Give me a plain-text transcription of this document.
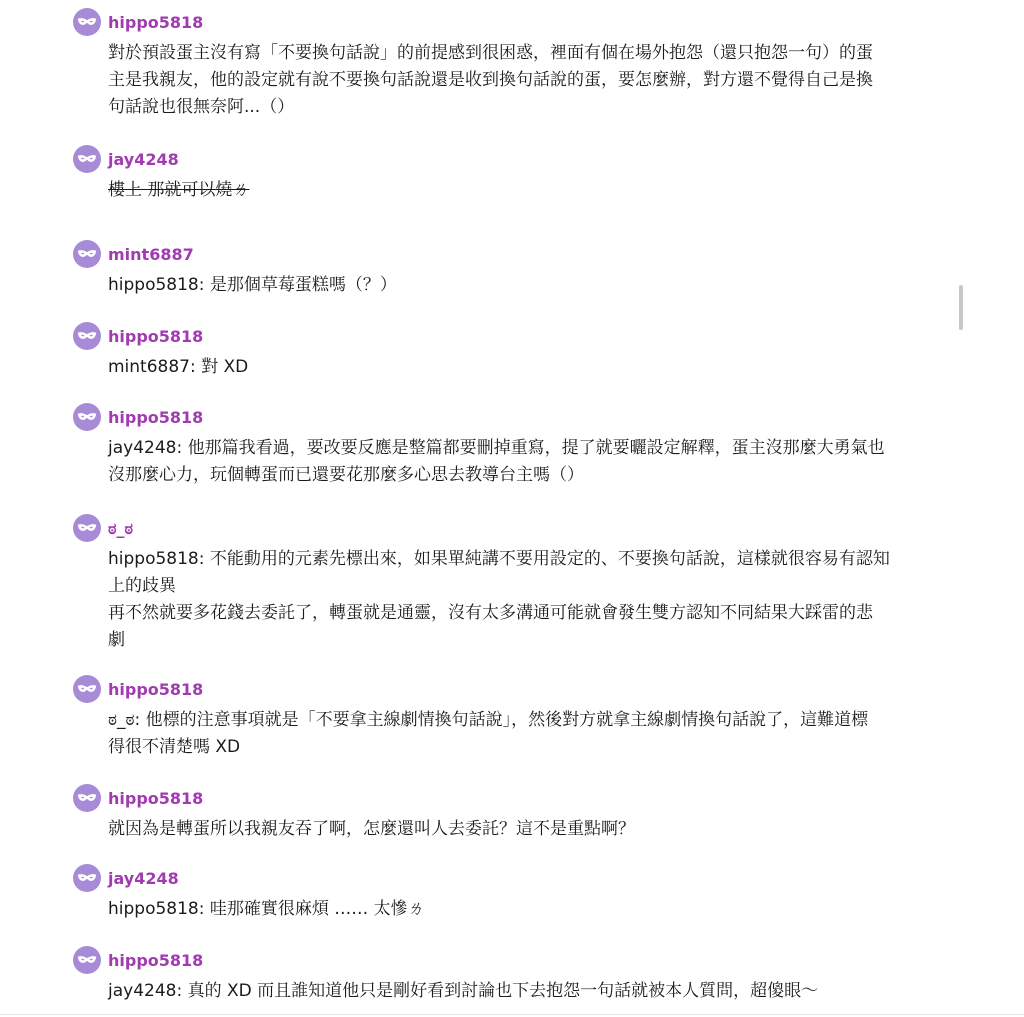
hippo5818
對於預設蛋主沒有寫「不要換句話說」的前提感到很困惑，裡面有個在場外抱怨（還只抱怨一句）的蛋
主是我親友，他的設定就有說不要換句話說還是收到換句話說的蛋，要怎麼辦，對方還不覺得自己是換
句話說也很無奈阿...（）
jay4248
樓上 那就可以燒ㄌ
mint6887
hippo5818: 是那個草莓蛋糕嗎（？）
hippo5818
mint6887: 對 XD
hippo5818
jay4248: 他那篇我看過，要改要反應是整篇都要刪掉重寫，提了就要曬設定解釋，蛋主沒那麼大勇氣也
沒那麼心力，玩個轉蛋而已還要花那麼多心思去教導台主嗎（）
ಠ_ಠ
hippo5818: 不能動用的元素先標出來，如果單純講不要用設定的、不要換句話說，這樣就很容易有認知
上的歧異
再不然就要多花錢去委託了，轉蛋就是通靈，沒有太多溝通可能就會發生雙方認知不同結果大踩雷的悲
劇
hippo5818
ಠ_ಠ: 他標的注意事項就是「不要拿主線劇情換句話說」，然後對方就拿主線劇情換句話說了，這難道標
得很不清楚嗎 XD
hippo5818
就因為是轉蛋所以我親友吞了啊，怎麼還叫人去委託？這不是重點啊？
jay4248
hippo5818: 哇那確實很麻煩 …… 太慘ㄌ
hippo5818
jay4248: 真的 XD 而且誰知道他只是剛好看到討論也下去抱怨一句話就被本人質問，超傻眼～
